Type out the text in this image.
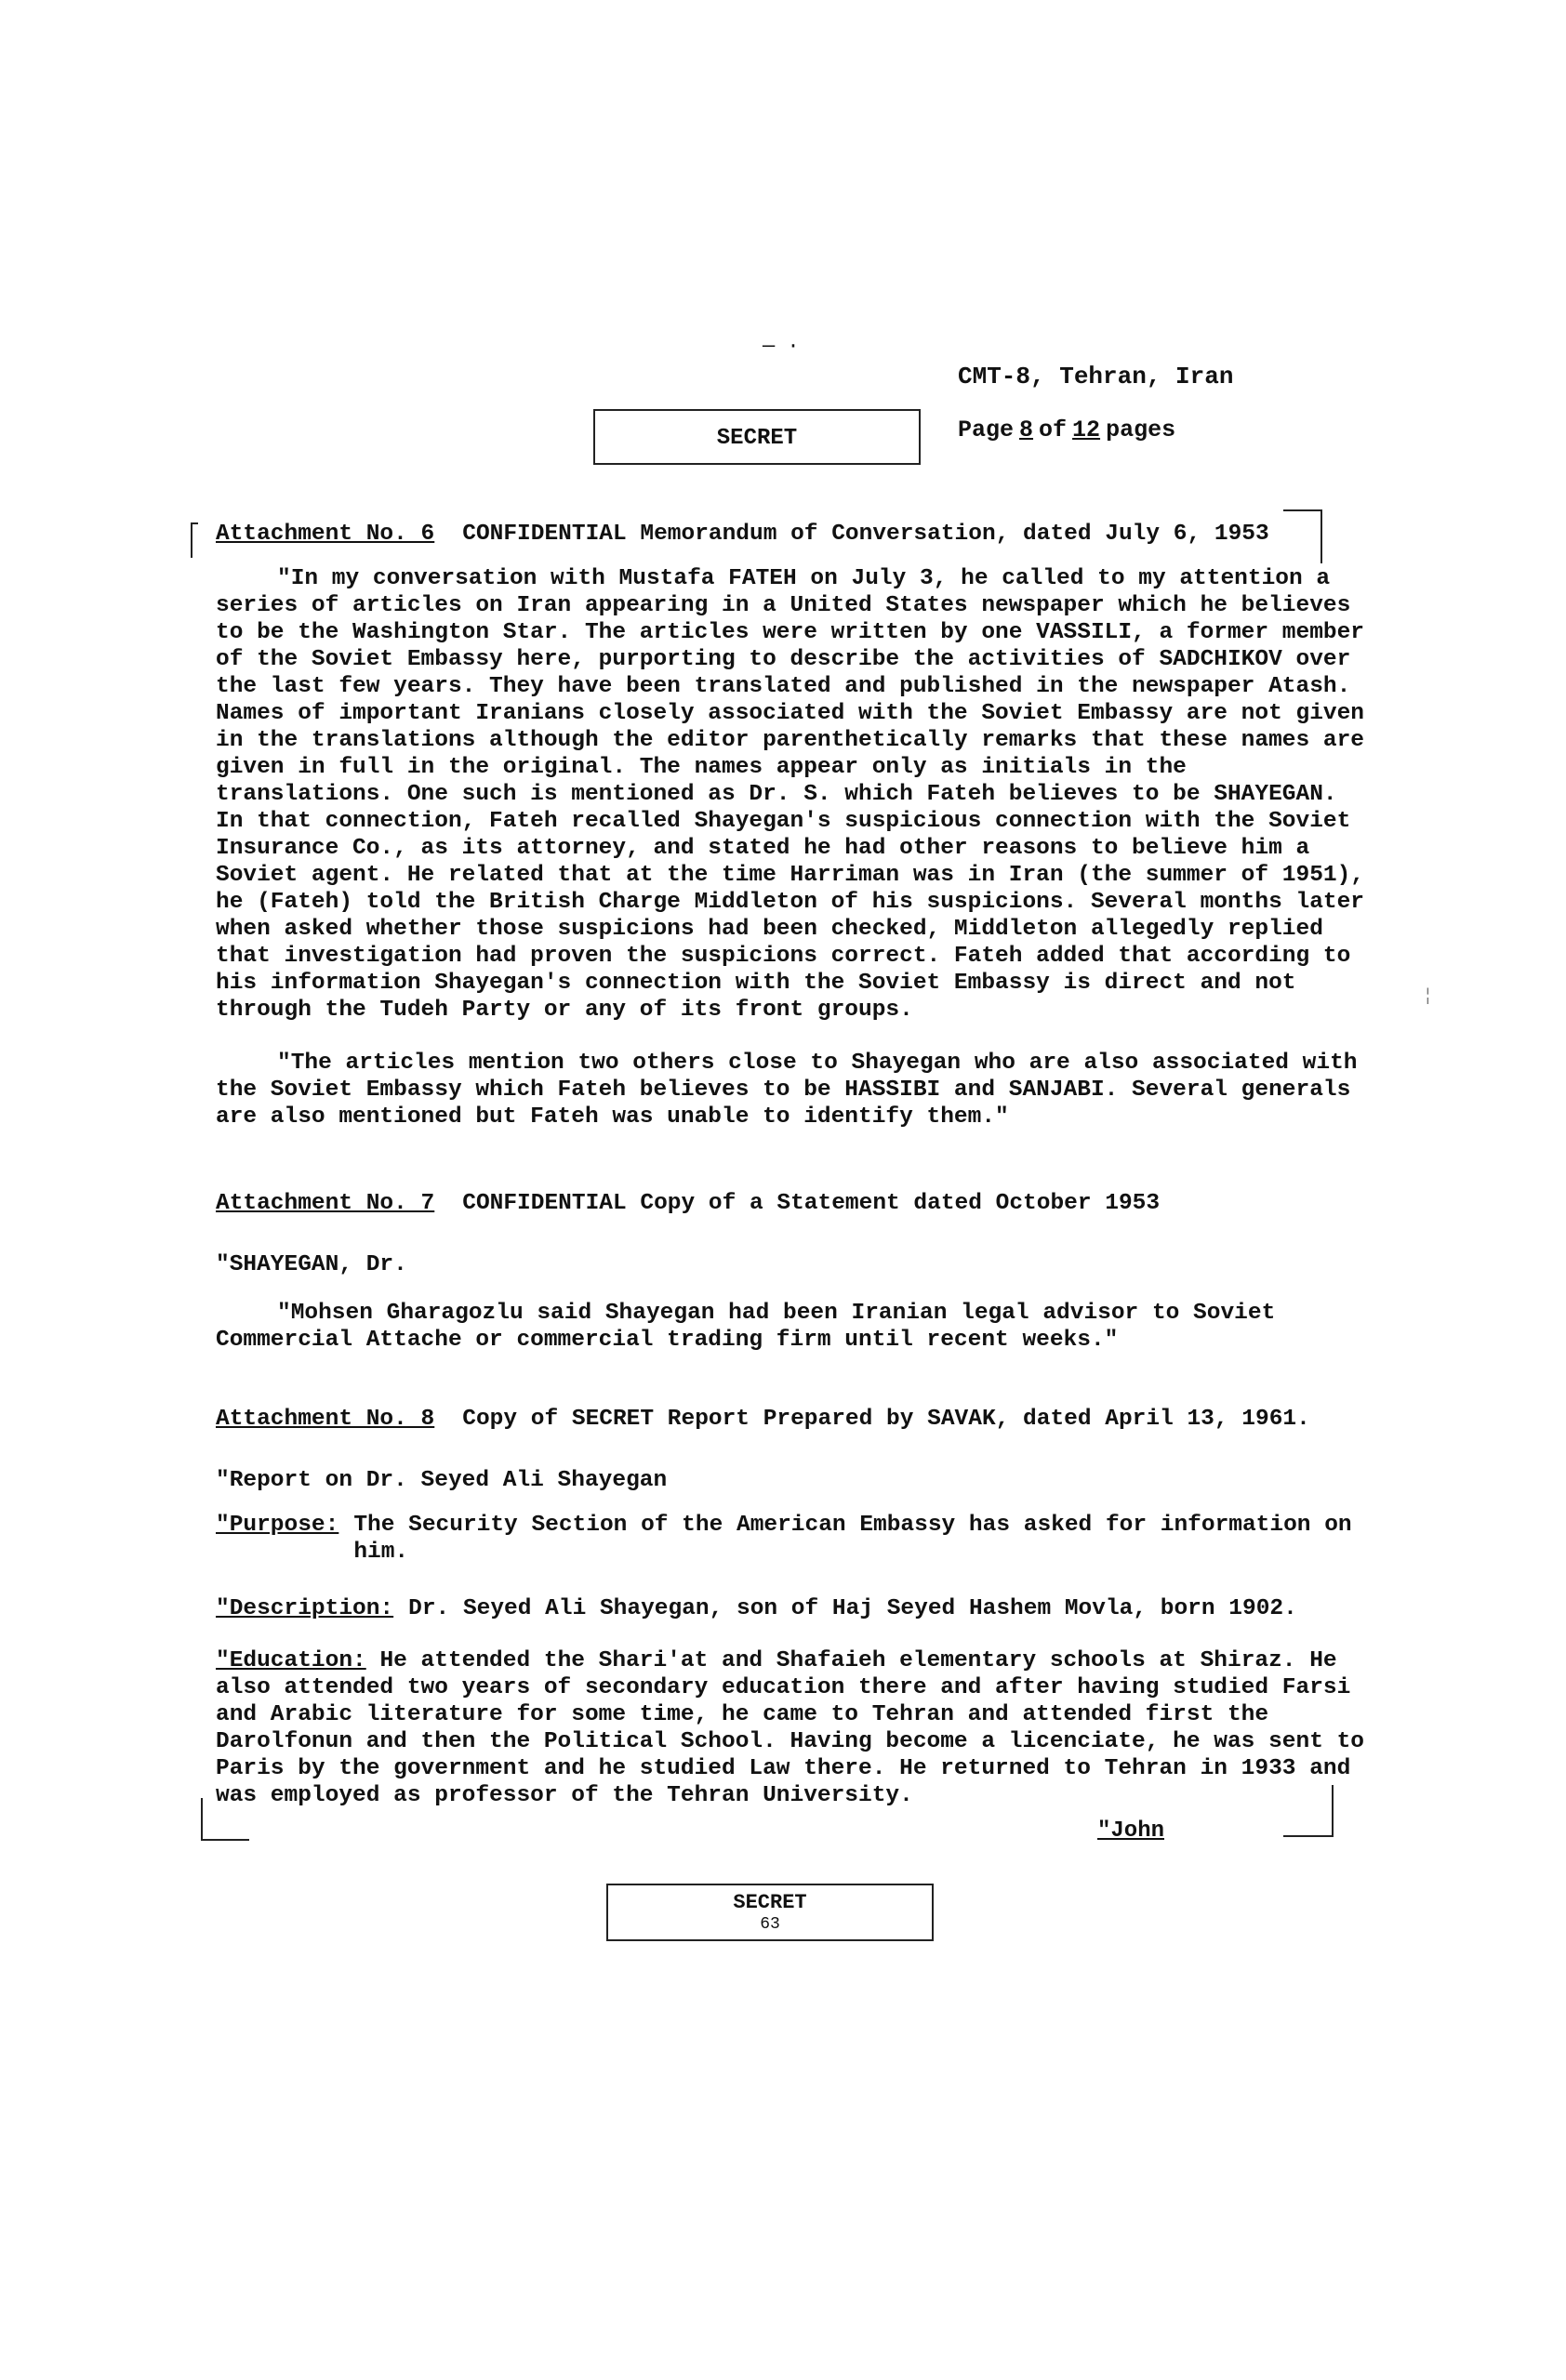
— ·
CMT-8, Tehran, Iran
Page 8 of 12 pages
SECRET
Attachment No. 6 CONFIDENTIAL Memorandum of Conversation, dated July 6, 1953

"In my conversation with Mustafa FATEH on July 3, he called to my attention a series of articles on Iran appearing in a United States newspaper which he believes to be the Washington Star. The articles were written by one VASSILI, a former member of the Soviet Embassy here, purporting to describe the activities of SADCHIKOV over the last few years. They have been translated and published in the newspaper Atash. Names of important Iranians closely associated with the Soviet Embassy are not given in the translations although the editor parenthetically remarks that these names are given in full in the original. The names appear only as initials in the translations. One such is mentioned as Dr. S. which Fateh believes to be SHAYEGAN. In that connection, Fateh recalled Shayegan's suspicious connection with the Soviet Insurance Co., as its attorney, and stated he had other reasons to believe him a Soviet agent. He related that at the time Harriman was in Iran (the summer of 1951), he (Fateh) told the British Charge Middleton of his suspicions. Several months later when asked whether those suspicions had been checked, Middleton allegedly replied that investigation had proven the suspicions correct. Fateh added that according to his information Shayegan's connection with the Soviet Embassy is direct and not through the Tudeh Party or any of its front groups.

"The articles mention two others close to Shayegan who are also associated with the Soviet Embassy which Fateh believes to be HASSIBI and SANJABI. Several generals are also mentioned but Fateh was unable to identify them."

¦
Attachment No. 7 CONFIDENTIAL Copy of a Statement dated October 1953
"SHAYEGAN, Dr.

"Mohsen Gharagozlu said Shayegan had been Iranian legal advisor to Soviet Commercial Attache or commercial trading firm until recent weeks."

Attachment No. 8 Copy of SECRET Report Prepared by SAVAK, dated April 13, 1961.
"Report on Dr. Seyed Ali Shayegan
"Purpose: The Security Section of the American Embassy has asked for information on him.
"Description: Dr. Seyed Ali Shayegan, son of Haj Seyed Hashem Movla, born 1902.

"Education: He attended the Shari'at and Shafaieh elementary schools at Shiraz. He also attended two years of secondary education there and after having studied Farsi and Arabic literature for some time, he came to Tehran and attended first the Darolfonun and then the Political School. Having become a licenciate, he was sent to Paris by the government and he studied Law there. He returned to Tehran in 1933 and was employed as professor of the Tehran University.

"John
SECRET
63
